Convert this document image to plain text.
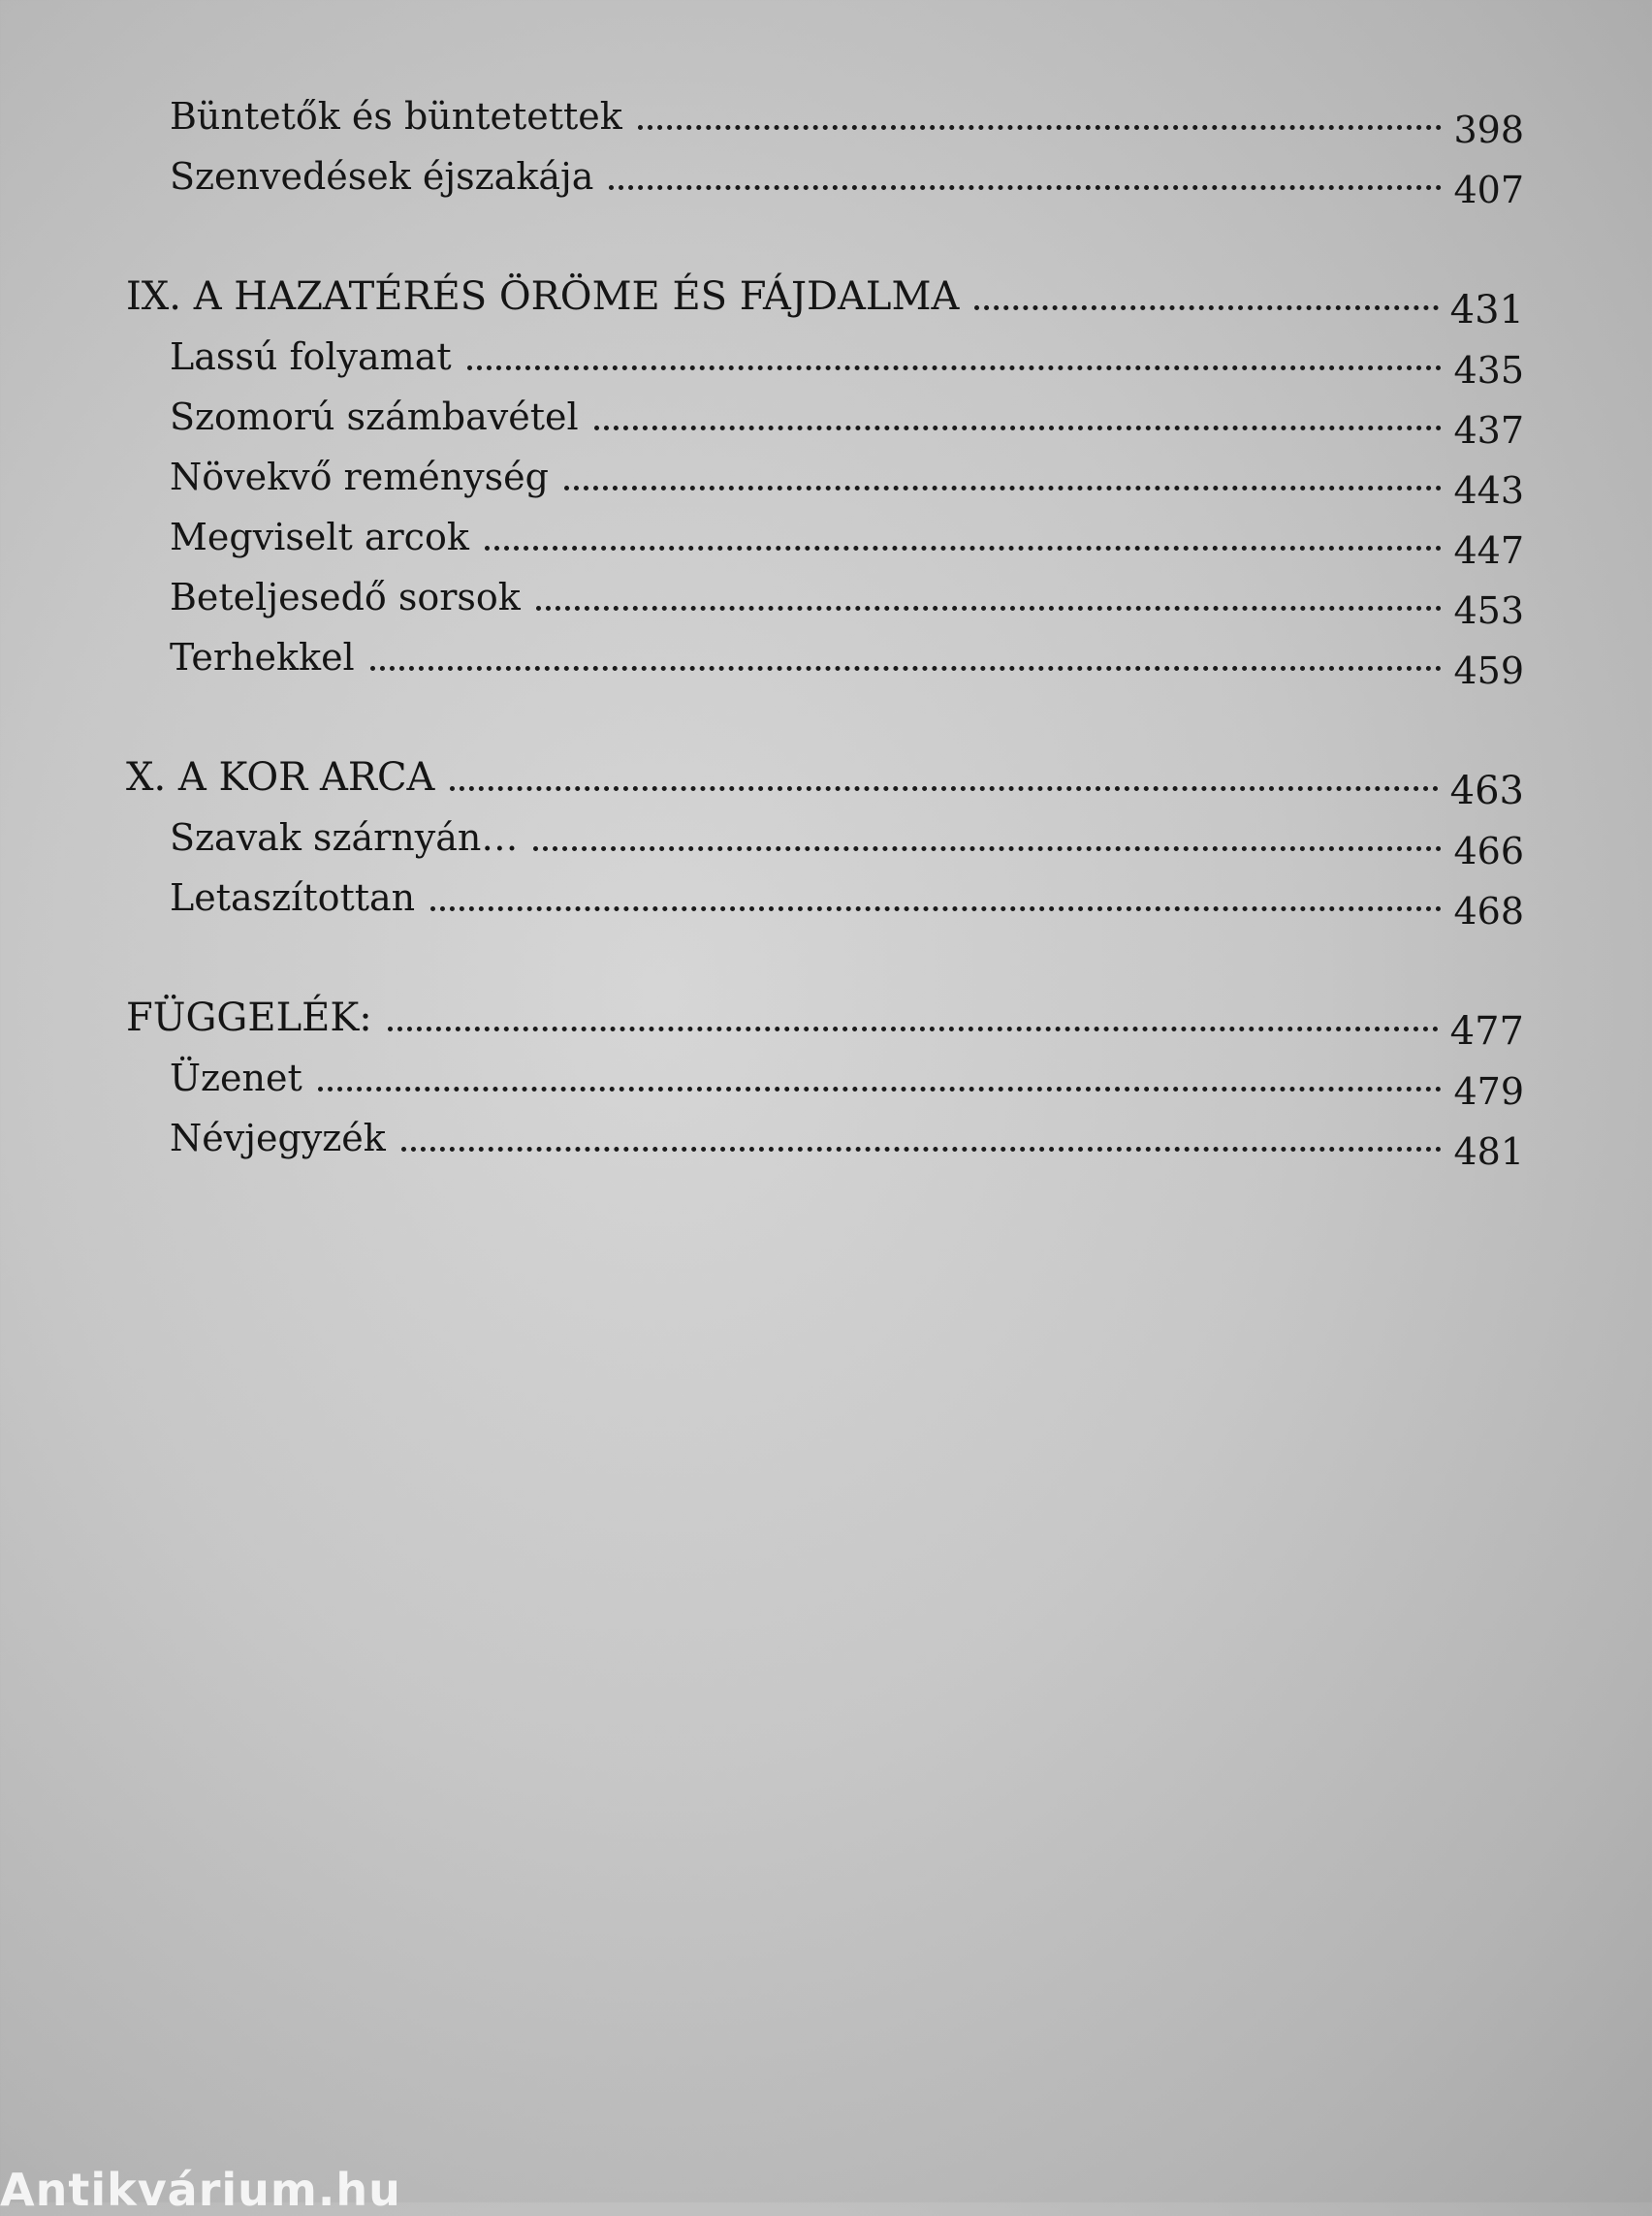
Büntetők és büntetettek	398
Szenvedések éjszakája	407
IX. A HAZATÉRÉS ÖRÖME ÉS FÁJDALMA	431
Lassú folyamat	435
Szomorú számbavétel	437
Növekvő reménység	443
Megviselt arcok	447
Beteljesedő sorsok	453
Terhekkel	459
X. A KOR ARCA	463
Szavak szárnyán…	466
Letaszítottan	468
FÜGGELÉK:	477
Üzenet	479
Névjegyzék	481
Antikvárium.hu
